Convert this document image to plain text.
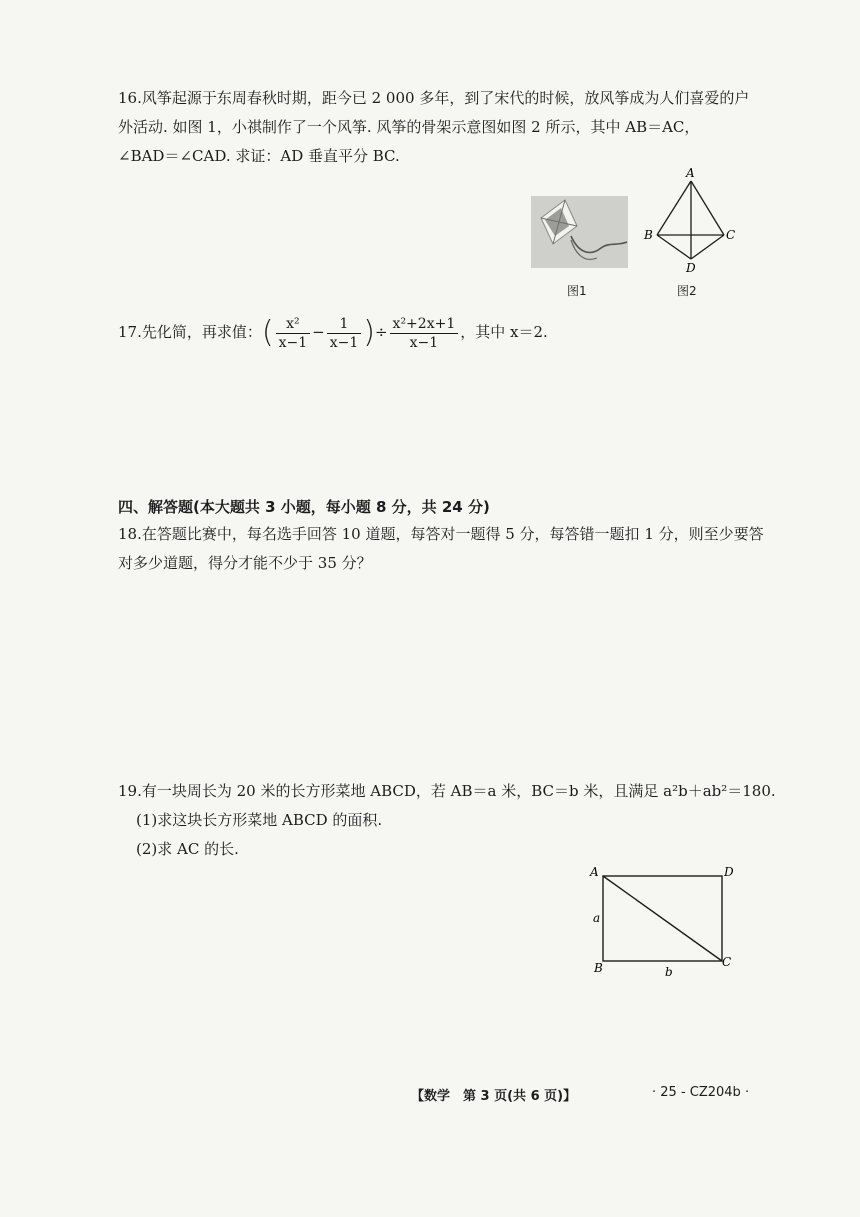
16.风筝起源于东周春秋时期，距今已 2 000 多年，到了宋代的时候，放风筝成为人们喜爱的户
外活动. 如图 1，小祺制作了一个风筝. 风筝的骨架示意图如图 2 所示，其中 AB＝AC，
∠BAD＝∠CAD. 求证：AD 垂直平分 BC.
图1
A
B	C
D
图2
17.先化简，再求值：( $\frac{\text{x²}}{x-1} - \frac{1}{x-1}$ )÷ $\frac{\text{x²+2x+1}}{x-1}$ ，其中 x＝2.
四、解答题(本大题共 3 小题，每小题 8 分，共 24 分)
18.在答题比赛中，每名选手回答 10 道题，每答对一题得 5 分，每答错一题扣 1 分，则至少要答
对多少道题，得分才能不少于 35 分？
19.有一块周长为 20 米的长方形菜地 ABCD，若 AB＝a 米，BC＝b 米，且满足 a²b＋ab²＝180.
(1)求这块长方形菜地 ABCD 的面积.
(2)求 AC 的长.
A	D
B	C
a
b
【数学　第 3 页(共 6 页)】	· 25 - CZ204b ·
